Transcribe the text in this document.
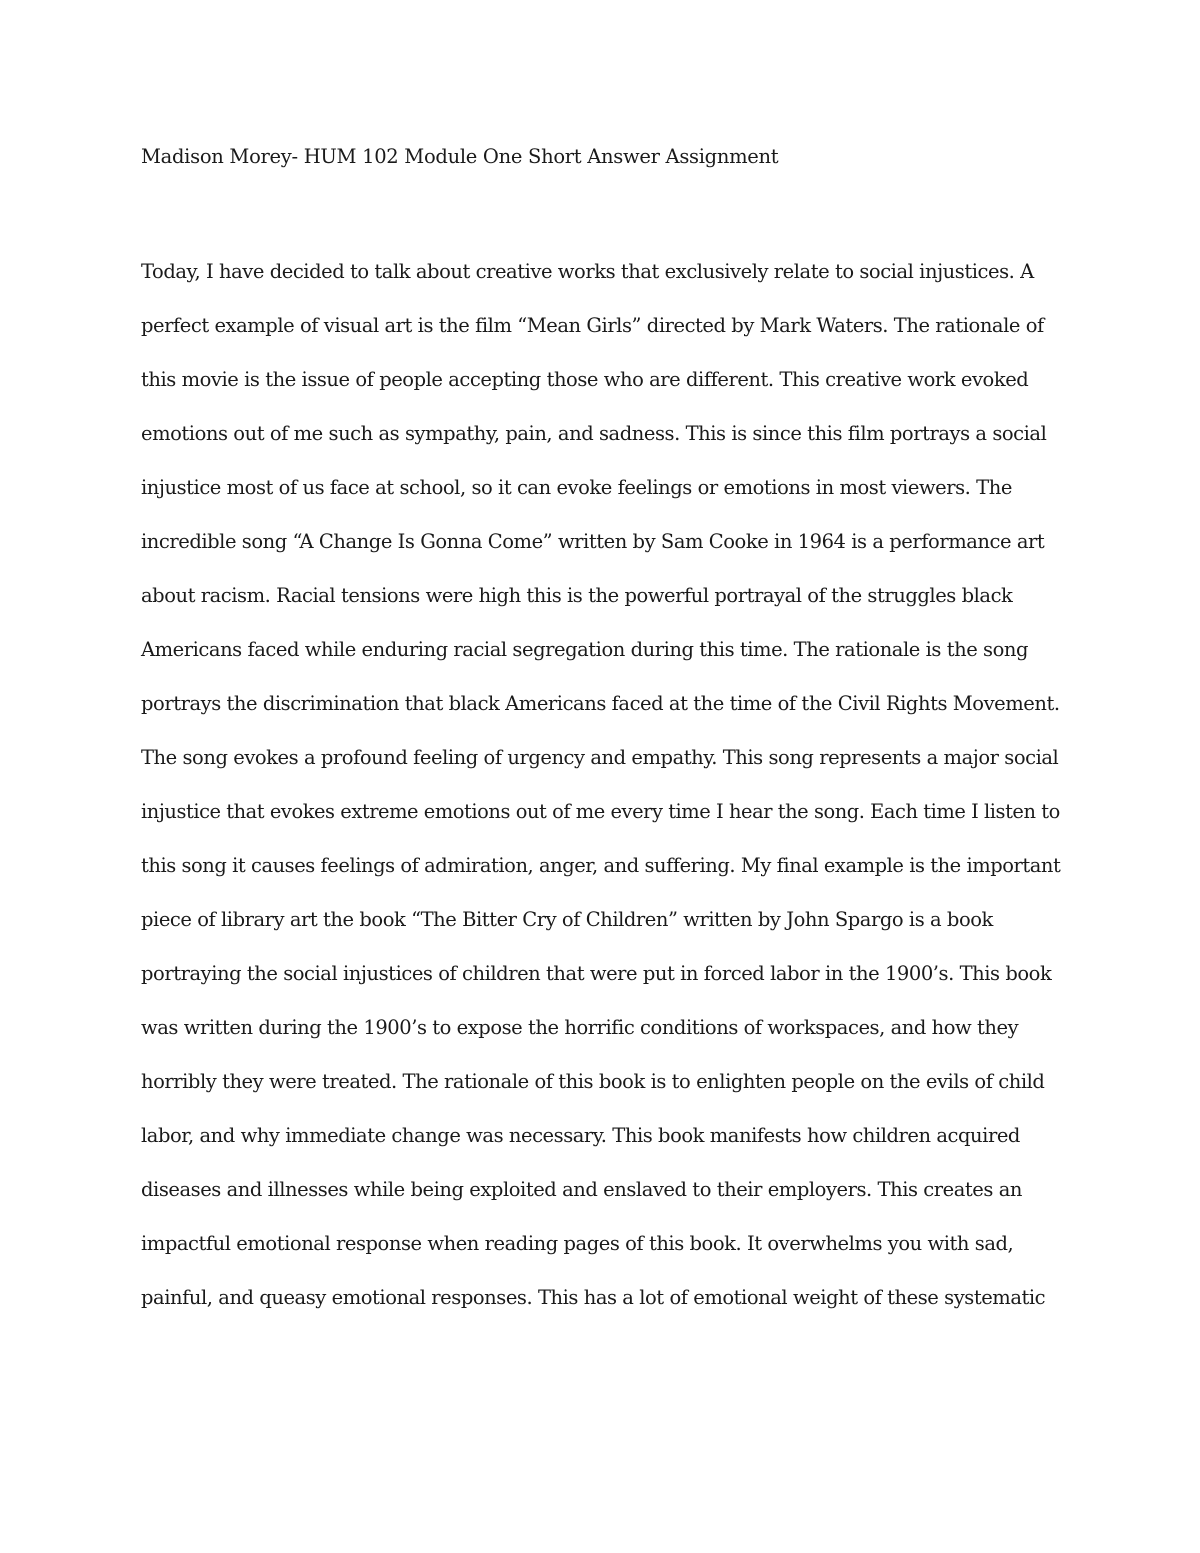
Madison Morey- HUM 102 Module One Short Answer Assignment

Today, I have decided to talk about creative works that exclusively relate to social injustices. A

perfect example of visual art is the film “Mean Girls” directed by Mark Waters. The rationale of

this movie is the issue of people accepting those who are different. This creative work evoked

emotions out of me such as sympathy, pain, and sadness. This is since this film portrays a social

injustice most of us face at school, so it can evoke feelings or emotions in most viewers. The

incredible song “A Change Is Gonna Come” written by Sam Cooke in 1964 is a performance art

about racism. Racial tensions were high this is the powerful portrayal of the struggles black

Americans faced while enduring racial segregation during this time. The rationale is the song

portrays the discrimination that black Americans faced at the time of the Civil Rights Movement.

The song evokes a profound feeling of urgency and empathy. This song represents a major social

injustice that evokes extreme emotions out of me every time I hear the song. Each time I listen to

this song it causes feelings of admiration, anger, and suffering. My final example is the important

piece of library art the book “The Bitter Cry of Children” written by John Spargo is a book

portraying the social injustices of children that were put in forced labor in the 1900’s. This book

was written during the 1900’s to expose the horrific conditions of workspaces, and how they

horribly they were treated. The rationale of this book is to enlighten people on the evils of child

labor, and why immediate change was necessary. This book manifests how children acquired

diseases and illnesses while being exploited and enslaved to their employers. This creates an

impactful emotional response when reading pages of this book. It overwhelms you with sad,

painful, and queasy emotional responses. This has a lot of emotional weight of these systematic
